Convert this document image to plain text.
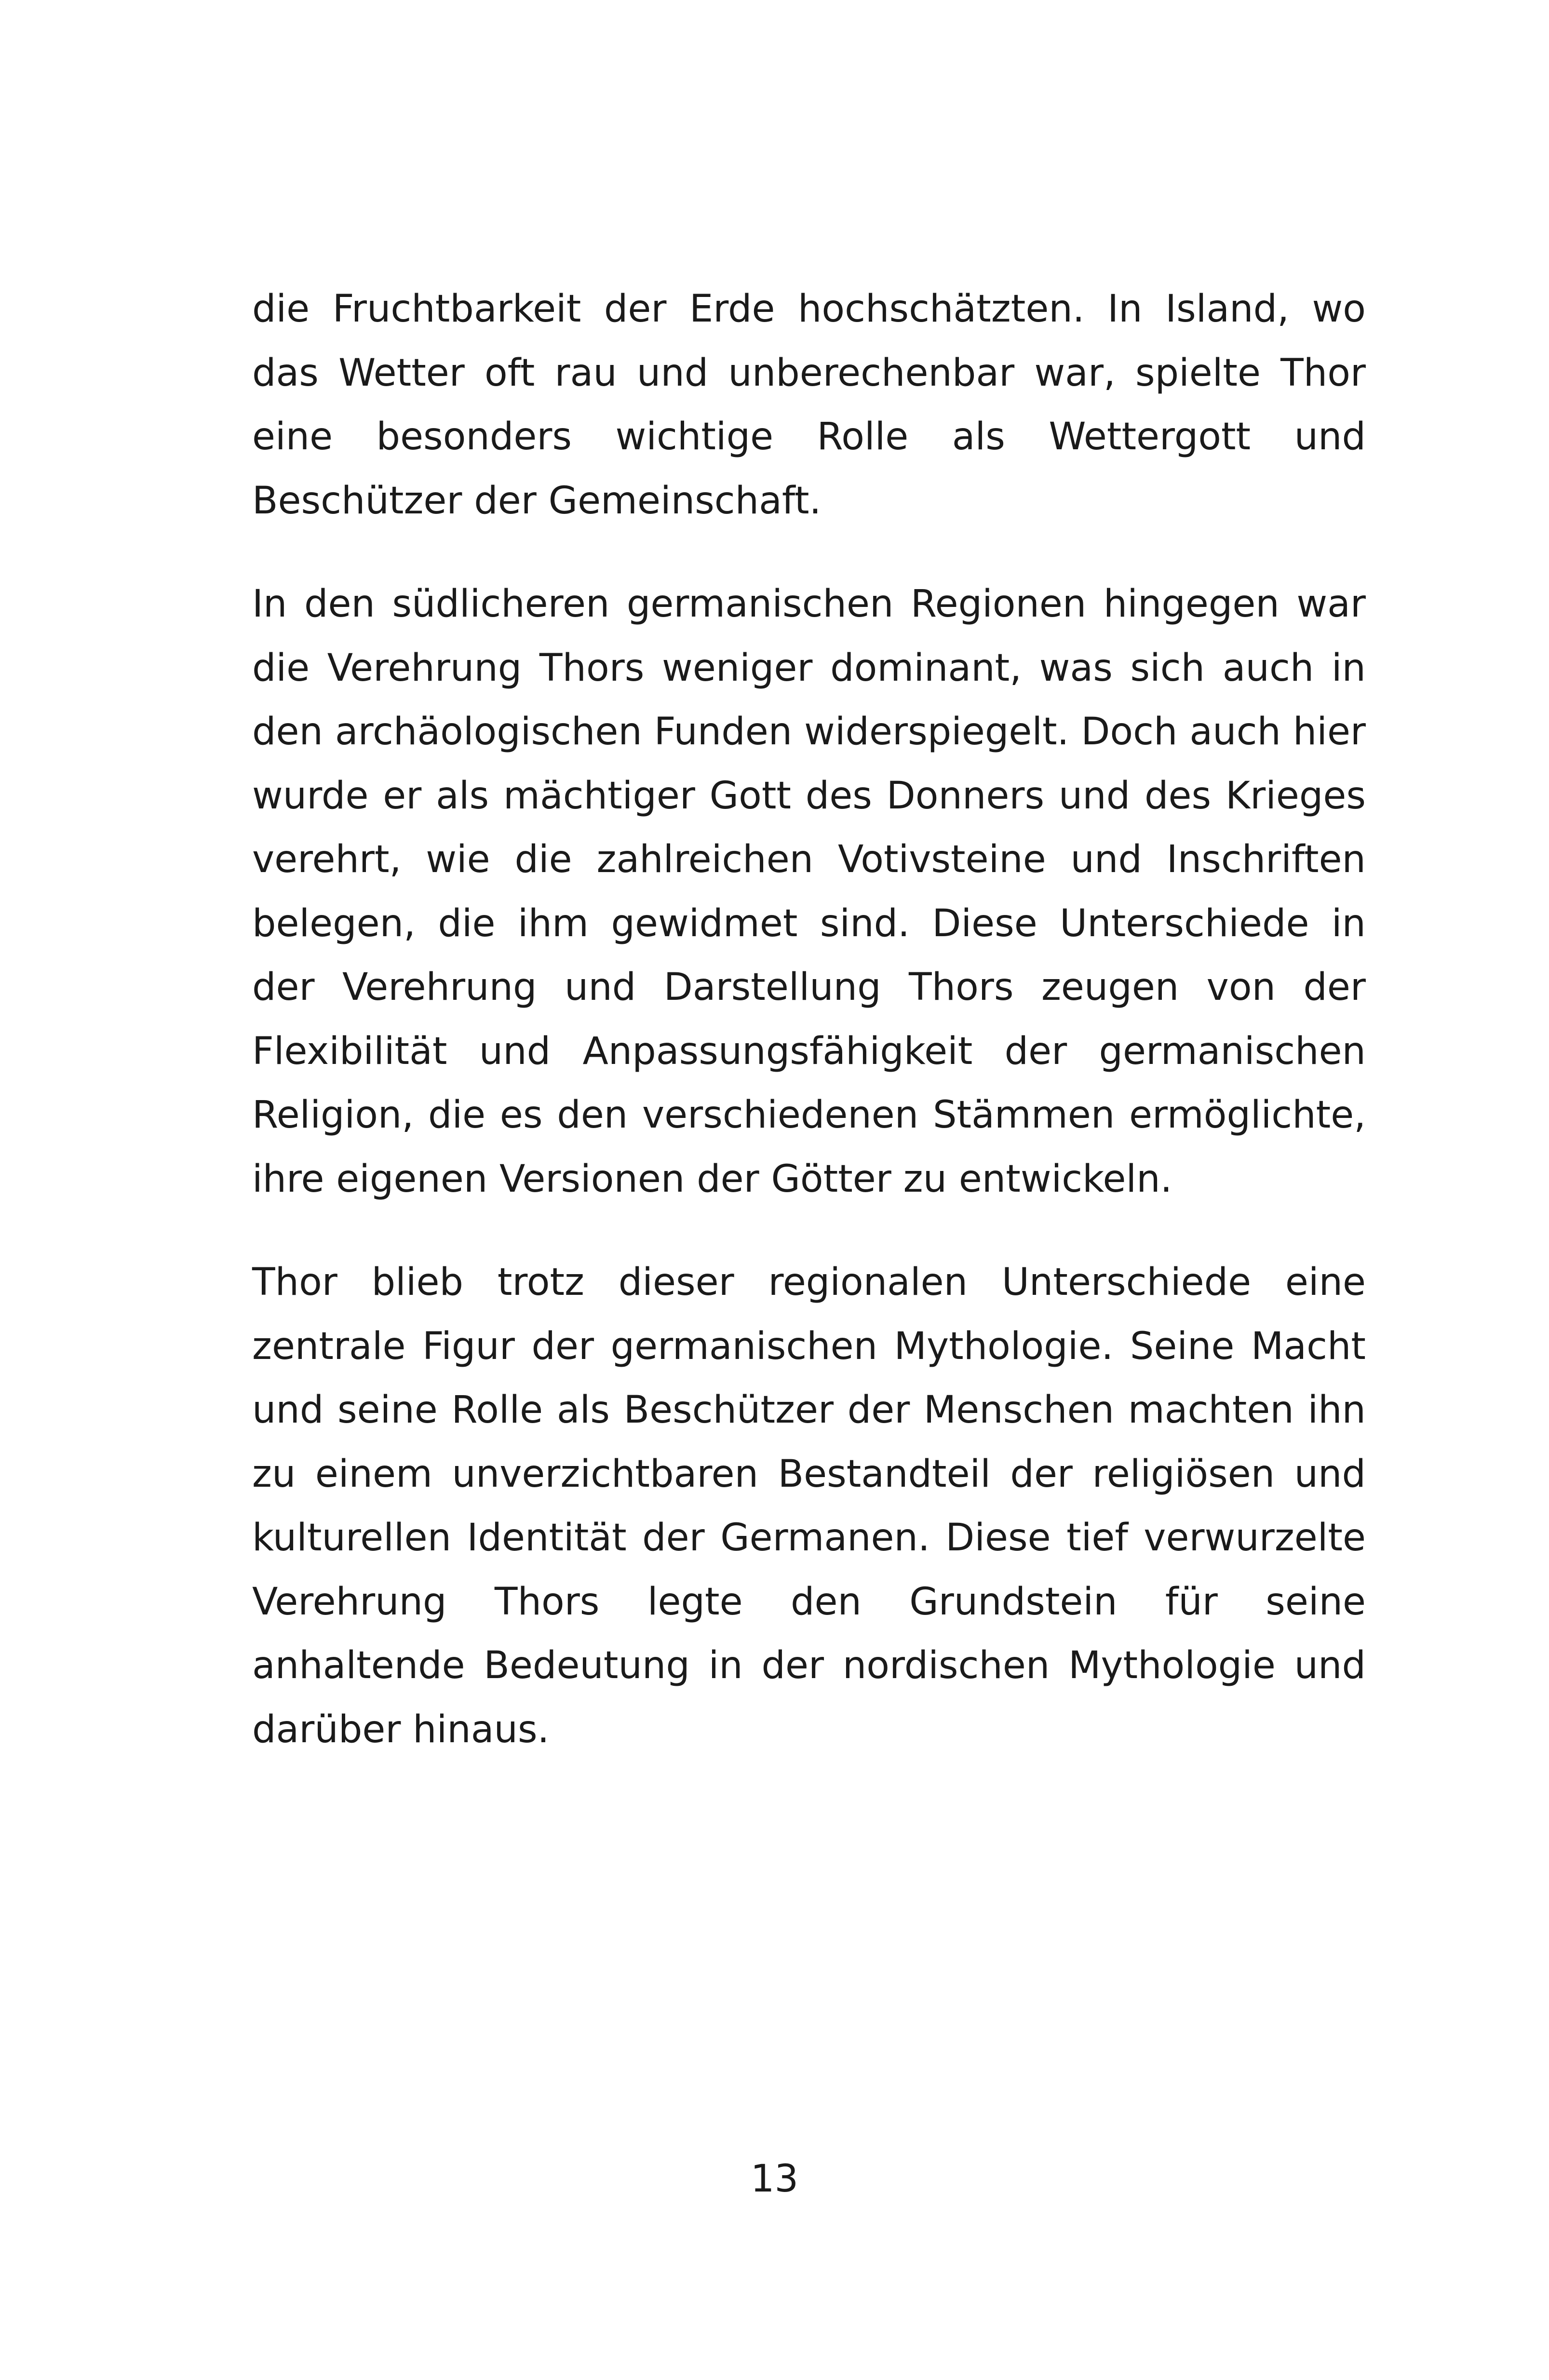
die Fruchtbarkeit der Erde hochschätzten. In Island, wo das Wetter oft rau und unberechenbar war, spielte Thor eine besonders wichtige Rolle als Wettergott und Beschützer der Gemeinschaft.

In den südlicheren germanischen Regionen hingegen war die Verehrung Thors weniger dominant, was sich auch in den archäologischen Funden widerspiegelt. Doch auch hier wurde er als mächtiger Gott des Donners und des Krieges verehrt, wie die zahlreichen Votivsteine und Inschriften belegen, die ihm gewidmet sind. Diese Unterschiede in der Verehrung und Darstellung Thors zeugen von der Flexibilität und Anpassungsfähigkeit der germanischen Religion, die es den verschiedenen Stämmen ermöglichte, ihre eigenen Versionen der Götter zu entwickeln.

Thor blieb trotz dieser regionalen Unterschiede eine zentrale Figur der germanischen Mythologie. Seine Macht und seine Rolle als Beschützer der Menschen machten ihn zu einem unverzichtbaren Bestandteil der religiösen und kulturellen Identität der Germanen. Diese tief verwurzelte Verehrung Thors legte den Grundstein für seine anhaltende Bedeutung in der nordischen Mythologie und darüber hinaus.

13
